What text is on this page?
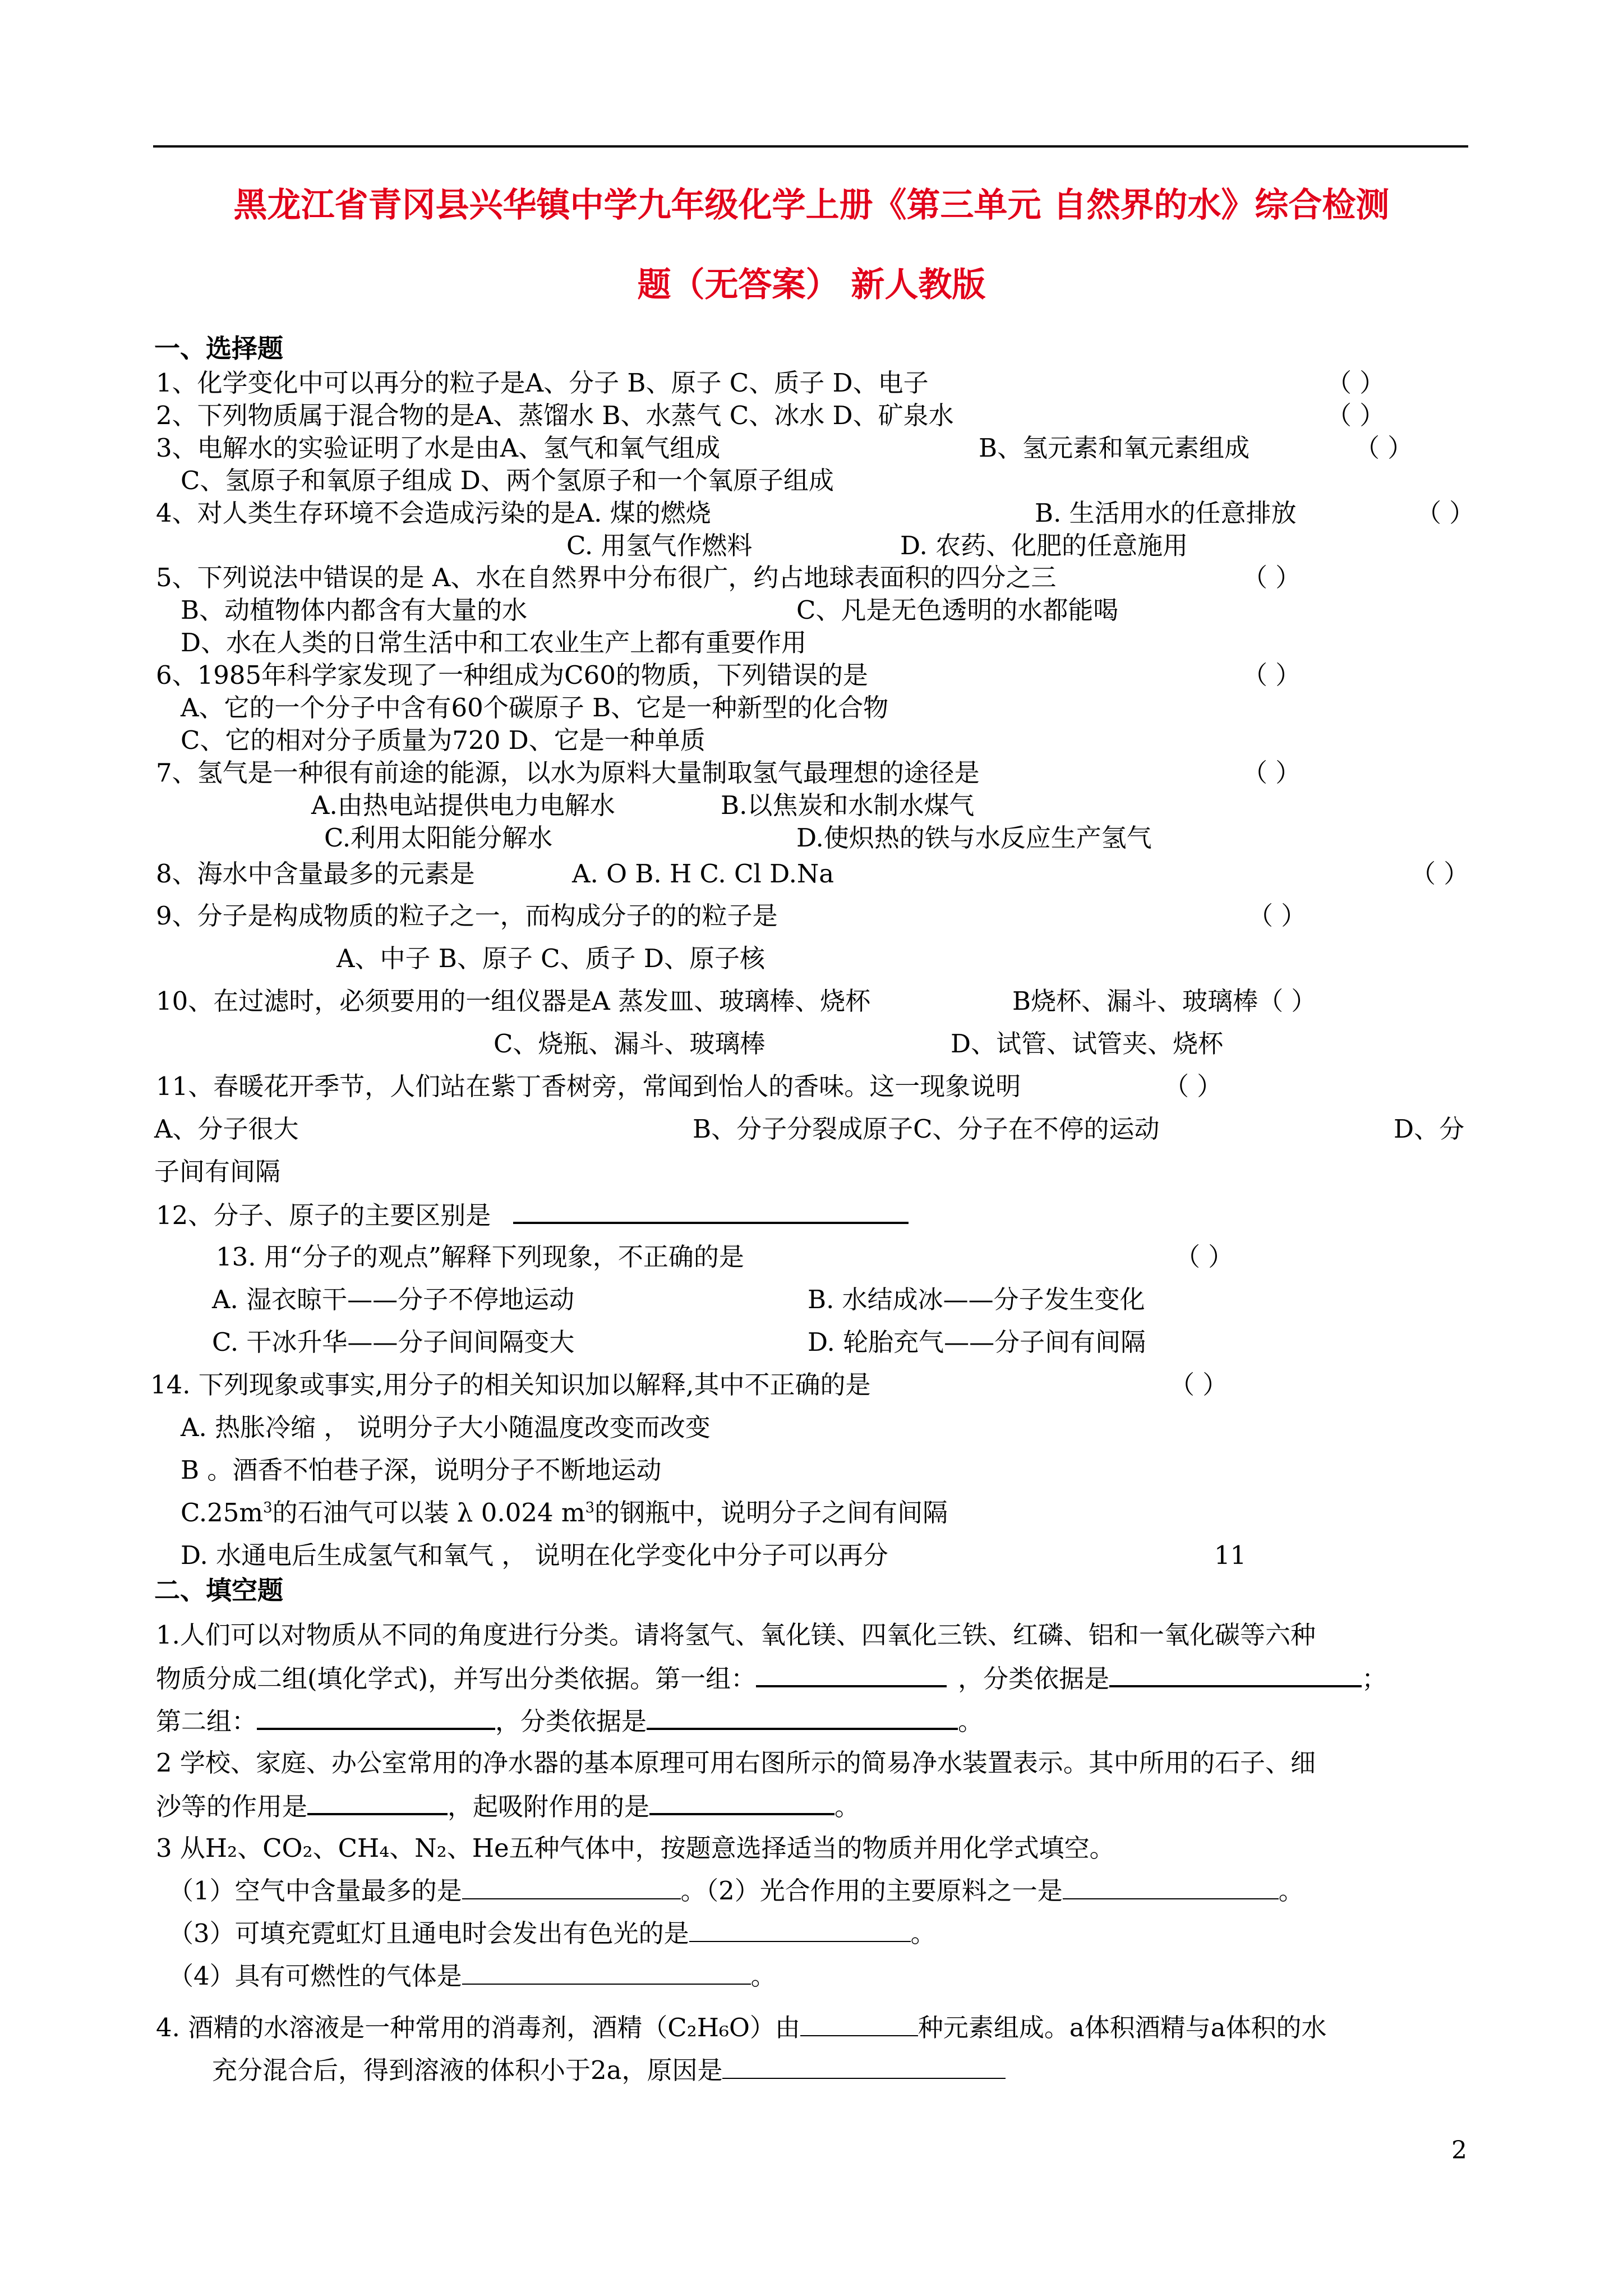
黑龙江省青冈县兴华镇中学九年级化学上册《第三单元 自然界的水》综合检测
题（无答案） 新人教版
一、选择题
1、化学变化中可以再分的粒子是A、分子 B、原子 C、质子 D、电子	（ ）
2、下列物质属于混合物的是A、蒸馏水 B、水蒸气 C、冰水 D、矿泉水	（ ）
3、电解水的实验证明了水是由A、氢气和氧气组成	B、氢元素和氧元素组成	（ ）
C、氢原子和氧原子组成 D、两个氢原子和一个氧原子组成
4、对人类生存环境不会造成污染的是A. 煤的燃烧	B. 生活用水的任意排放	（ ）
C. 用氢气作燃料	D. 农药、化肥的任意施用
5、下列说法中错误的是 A、水在自然界中分布很广，约占地球表面积的四分之三	（ ）
B、动植物体内都含有大量的水	C、凡是无色透明的水都能喝
D、水在人类的日常生活中和工农业生产上都有重要作用
6、1985年科学家发现了一种组成为C60的物质，下列错误的是	（ ）
A、它的一个分子中含有60个碳原子 B、它是一种新型的化合物
C、它的相对分子质量为720 D、它是一种单质
7、氢气是一种很有前途的能源，以水为原料大量制取氢气最理想的途径是	（ ）
A.由热电站提供电力电解水	B.以焦炭和水制水煤气
C.利用太阳能分解水	D.使炽热的铁与水反应生产氢气
8、海水中含量最多的元素是	A. O B. H C. Cl D.Na	（ ）
9、分子是构成物质的粒子之一，而构成分子的的粒子是	（ ）
A、中子 B、原子 C、质子 D、原子核
10、在过滤时，必须要用的一组仪器是A 蒸发皿、玻璃棒、烧杯	B烧杯、漏斗、玻璃棒（ ）
C、烧瓶、漏斗、玻璃棒	D、试管、试管夹、烧杯
11、春暖花开季节，人们站在紫丁香树旁，常闻到怡人的香味。这一现象说明	（ ）
A、分子很大	B、分子分裂成原子C、分子在不停的运动	D、分
子间有间隔
12、分子、原子的主要区别是
13. 用“分子的观点”解释下列现象，不正确的是	（ ）
A. 湿衣晾干——分子不停地运动	B. 水结成冰——分子发生变化
C. 干冰升华——分子间间隔变大	D. 轮胎充气——分子间有间隔
14. 下列现象或事实,用分子的相关知识加以解释,其中不正确的是	（ ）
A. 热胀冷缩 ， 说明分子大小随温度改变而改变
B 。酒香不怕巷子深，说明分子不断地运动
$C.25m^3$的石油气可以装 λ 0.024 $m^3$的钢瓶中，说明分子之间有间隔
D. 水通电后生成氢气和氧气 ， 说明在化学变化中分子可以再分	11
二、填空题
1.人们可以对物质从不同的角度进行分类。请将氢气、氧化镁、四氧化三铁、红磷、铝和一氧化碳等六种
物质分成二组(填化学式)，并写出分类依据。第一组：	，分类依据是	；
第二组：	，分类依据是	。
2 学校、家庭、办公室常用的净水器的基本原理可用右图所示的简易净水装置表示。其中所用的石子、细
沙等的作用是	，起吸附作用的是	。
3 从H₂、CO₂、CH₄、N₂、He五种气体中，按题意选择适当的物质并用化学式填空。
（1）空气中含量最多的是	。（2）光合作用的主要原料之一是	。
（3）可填充霓虹灯且通电时会发出有色光的是	。
（4）具有可燃性的气体是	。
4. 酒精的水溶液是一种常用的消毒剂，酒精（C₂H₆O）由	种元素组成。a体积酒精与a体积的水
充分混合后，得到溶液的体积小于2a，原因是
2
